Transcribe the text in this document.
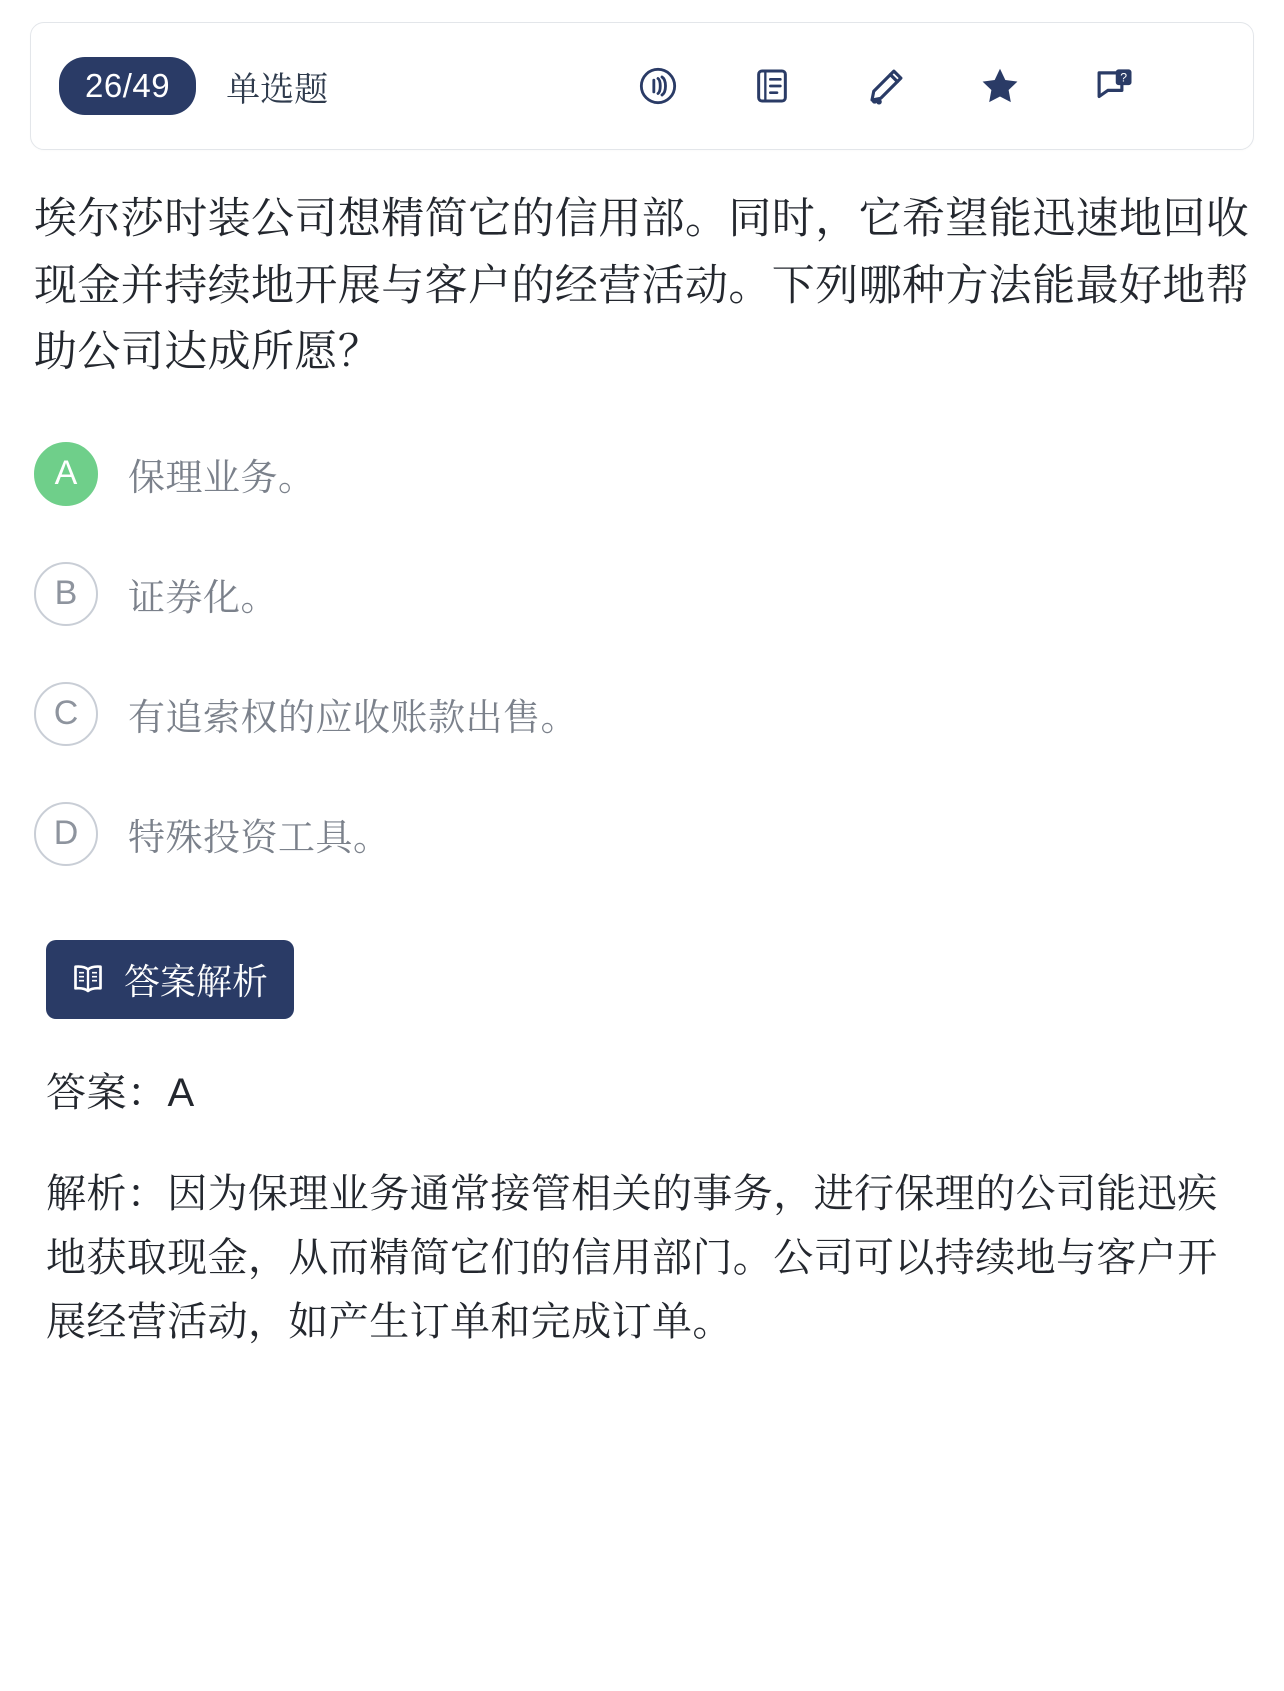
26/49	单选题	?
埃尔莎时装公司想精简它的信用部。同时，它希望能迅速地回收现金并持续地开展与客户的经营活动。下列哪种方法能最好地帮助公司达成所愿？
A	保理业务。
B	证券化。
C	有追索权的应收账款出售。
D	特殊投资工具。
答案解析
答案：A
解析：因为保理业务通常接管相关的事务，进行保理的公司能迅疾地获取现金，从而精简它们的信用部门。公司可以持续地与客户开展经营活动，如产生订单和完成订单。
